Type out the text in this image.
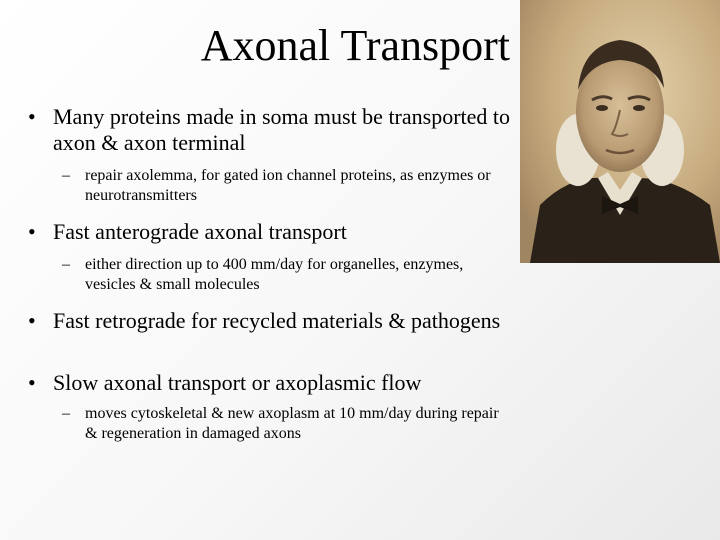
Axonal Transport
• Many proteins made in soma must be transported to axon & axon terminal
– repair axolemma, for gated ion channel proteins, as enzymes or neurotransmitters
• Fast anterograde axonal transport
– either direction up to 400 mm/day for organelles, enzymes, vesicles & small molecules
• Fast retrograde for recycled materials & pathogens
• Slow axonal transport or axoplasmic flow
– moves cytoskeletal & new axoplasm at 10 mm/day during repair & regeneration in damaged axons
